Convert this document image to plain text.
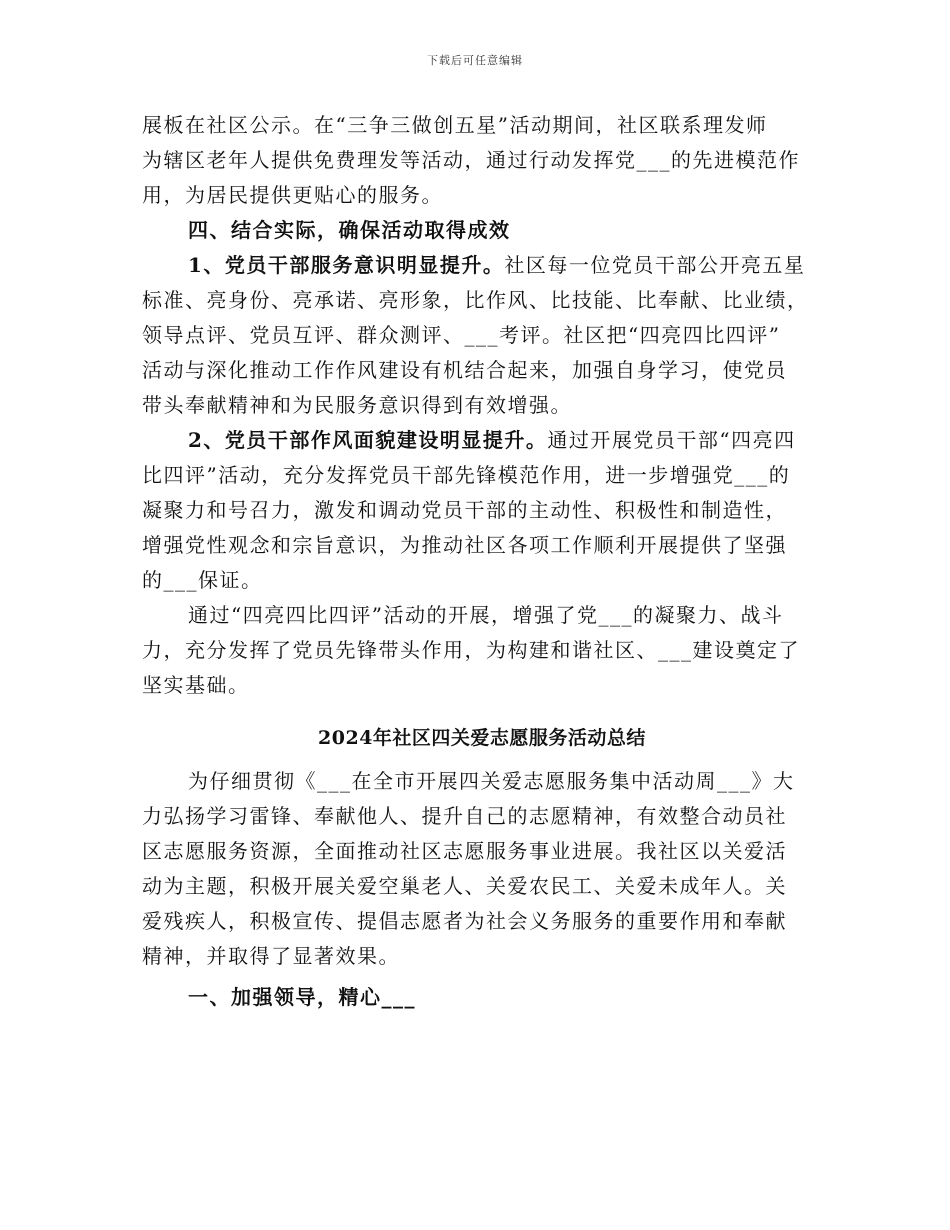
下载后可任意编辑
展板在社区公示。在“三争三做创五星”活动期间，社区联系理发师
为辖区老年人提供免费理发等活动，通过行动发挥党___的先进模范作
用，为居民提供更贴心的服务。
四、结合实际，确保活动取得成效
1、党员干部服务意识明显提升。社区每一位党员干部公开亮五星
标准、亮身份、亮承诺、亮形象，比作风、比技能、比奉献、比业绩，
领导点评、党员互评、群众测评、___考评。社区把“四亮四比四评”
活动与深化推动工作作风建设有机结合起来，加强自身学习，使党员
带头奉献精神和为民服务意识得到有效增强。
2、党员干部作风面貌建设明显提升。通过开展党员干部“四亮四
比四评”活动，充分发挥党员干部先锋模范作用，进一步增强党___的
凝聚力和号召力，激发和调动党员干部的主动性、积极性和制造性，
增强党性观念和宗旨意识，为推动社区各项工作顺利开展提供了坚强
的___保证。
通过“四亮四比四评”活动的开展，增强了党___的凝聚力、战斗
力，充分发挥了党员先锋带头作用，为构建和谐社区、___建设奠定了
坚实基础。
2024年社区四关爱志愿服务活动总结
为仔细贯彻《___在全市开展四关爱志愿服务集中活动周___》大
力弘扬学习雷锋、奉献他人、提升自己的志愿精神，有效整合动员社
区志愿服务资源，全面推动社区志愿服务事业进展。我社区以关爱活
动为主题，积极开展关爱空巢老人、关爱农民工、关爱未成年人。关
爱残疾人，积极宣传、提倡志愿者为社会义务服务的重要作用和奉献
精神，并取得了显著效果。
一、加强领导，精心___
